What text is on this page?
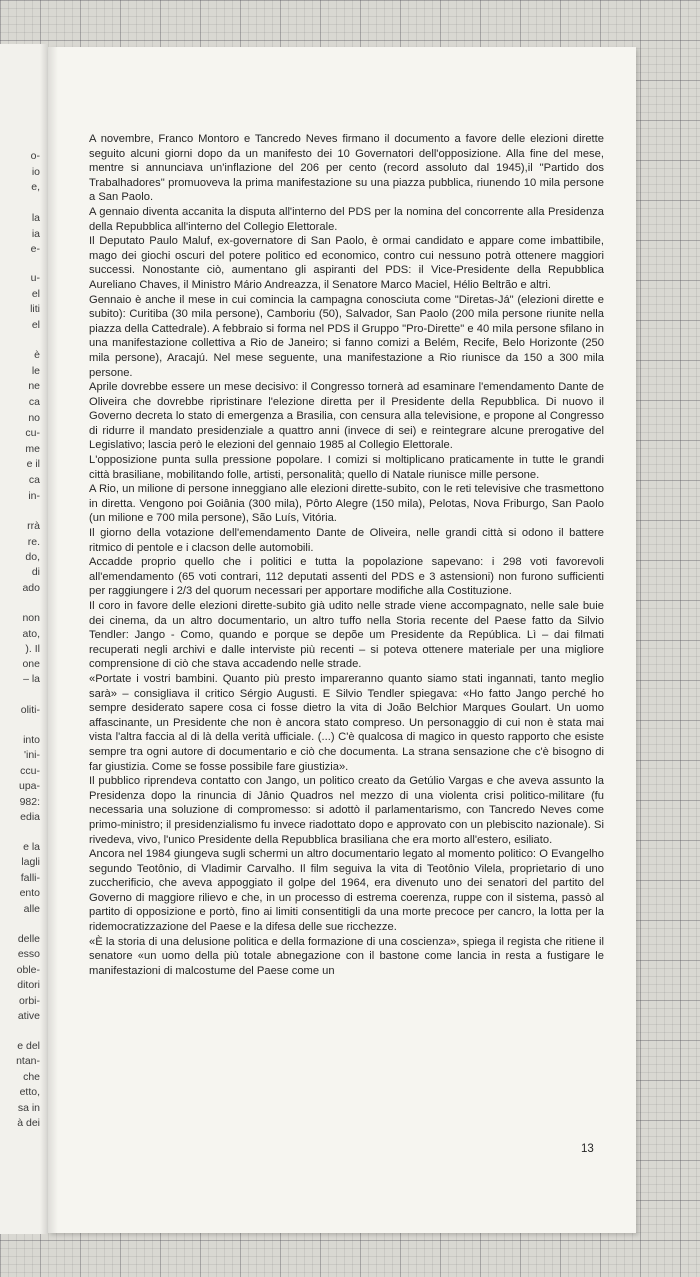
o-
io
e,
la
ia
e-
u-
el
liti
el
è
le
ne
ca
no
cu-
me
e il
ca
in-
rrà
re.
do,
di
ado
non
ato,
). Il
one
– la
oliti-
into
'ini-
ccu-
upa-
982:
edia
e la
lagli
falli-
ento
alle
delle
esso
oble-
ditori
orbi-
ative
e del
ntan-
che
etto,
sa in
à dei

A novembre, Franco Montoro e Tancredo Neves firmano il documento a favore delle elezioni dirette seguito alcuni giorni dopo da un manifesto dei 10 Governatori dell'opposizione. Alla fine del mese, mentre si annunciava un'inflazione del 206 per cento (record assoluto dal 1945),il "Partido dos Trabalhadores" promuoveva la prima manifestazione su una piazza pubblica, riunendo 10 mila persone a San Paolo.

A gennaio diventa accanita la disputa all'interno del PDS per la nomina del concorrente alla Presidenza della Repubblica all'interno del Collegio Elettorale.

Il Deputato Paulo Maluf, ex-governatore di San Paolo, è ormai candidato e appare come imbattibile, mago dei giochi oscuri del potere politico ed economico, contro cui nessuno potrà ottenere maggiori successi. Nonostante ciò, aumentano gli aspiranti del PDS: il Vice-Presidente della Repubblica Aureliano Chaves, il Ministro Mário Andreazza, il Senatore Marco Maciel, Hélio Beltrão e altri.

Gennaio è anche il mese in cui comincia la campagna conosciuta come "Diretas-Já" (elezioni dirette e subito): Curitiba (30 mila persone), Camboriu (50), Salvador, San Paolo (200 mila persone riunite nella piazza della Cattedrale). A febbraio si forma nel PDS il Gruppo "Pro-Dirette" e 40 mila persone sfilano in una manifestazione collettiva a Rio de Janeiro; si fanno comizi a Belém, Recife, Belo Horizonte (250 mila persone), Aracajú. Nel mese seguente, una manifestazione a Rio riunisce da 150 a 300 mila persone.

Aprile dovrebbe essere un mese decisivo: il Congresso tornerà ad esaminare l'emendamento Dante de Oliveira che dovrebbe ripristinare l'elezione diretta per il Presidente della Repubblica. Di nuovo il Governo decreta lo stato di emergenza a Brasilia, con censura alla televisione, e propone al Congresso di ridurre il mandato presidenziale a quattro anni (invece di sei) e reintegrare alcune prerogative del Legislativo; lascia però le elezioni del gennaio 1985 al Collegio Elettorale.

L'opposizione punta sulla pressione popolare. I comizi si moltiplicano praticamente in tutte le grandi città brasiliane, mobilitando folle, artisti, personalità; quello di Natale riunisce mille persone.

A Rio, un milione di persone inneggiano alle elezioni dirette-subito, con le reti televisive che trasmettono in diretta. Vengono poi Goiânia (300 mila), Pôrto Alegre (150 mila), Pelotas, Nova Friburgo, San Paolo (un milione e 700 mila persone), São Luís, Vitória.

Il giorno della votazione dell'emendamento Dante de Oliveira, nelle grandi città si odono il battere ritmico di pentole e i clacson delle automobili.

Accadde proprio quello che i politici e tutta la popolazione sapevano: i 298 voti favorevoli all'emendamento (65 voti contrari, 112 deputati assenti del PDS e 3 astensioni) non furono sufficienti per raggiungere i 2/3 del quorum necessari per apportare modifiche alla Costituzione.

Il coro in favore delle elezioni dirette-subito già udito nelle strade viene accompagnato, nelle sale buie dei cinema, da un altro documentario, un altro tuffo nella Storia recente del Paese fatto da Silvio Tendler: Jango - Como, quando e porque se depõe um Presidente da República. Lì – dai filmati recuperati negli archivi e dalle interviste più recenti – si poteva ottenere materiale per una migliore comprensione di ciò che stava accadendo nelle strade.

«Portate i vostri bambini. Quanto più presto impareranno quanto siamo stati ingannati, tanto meglio sarà» – consigliava il critico Sérgio Augusti. E Silvio Tendler spiegava: «Ho fatto Jango perché ho sempre desiderato sapere cosa ci fosse dietro la vita di João Belchior Marques Goulart. Un uomo affascinante, un Presidente che non è ancora stato compreso. Un personaggio di cui non è stata mai vista l'altra faccia al di là della verità ufficiale. (...) C'è qualcosa di magico in questo rapporto che esiste sempre tra ogni autore di documentario e ciò che documenta. La strana sensazione che c'è bisogno di far giustizia. Come se fosse possibile fare giustizia».

Il pubblico riprendeva contatto con Jango, un politico creato da Getúlio Vargas e che aveva assunto la Presidenza dopo la rinuncia di Jânio Quadros nel mezzo di una violenta crisi politico-militare (fu necessaria una soluzione di compromesso: si adottò il parlamentarismo, con Tancredo Neves come primo-ministro; il presidenzialismo fu invece riadottato dopo e approvato con un plebiscito nazionale). Si rivedeva, vivo, l'unico Presidente della Repubblica brasiliana che era morto all'estero, esiliato.

Ancora nel 1984 giungeva sugli schermi un altro documentario legato al momento politico: O Evangelho segundo Teotônio, di Vladimir Carvalho. Il film seguiva la vita di Teotônio Vilela, proprietario di uno zuccherificio, che aveva appoggiato il golpe del 1964, era divenuto uno dei senatori del partito del Governo di maggiore rilievo e che, in un processo di estrema coerenza, ruppe con il sistema, passò al partito di opposizione e portò, fino ai limiti consentitigli da una morte precoce per cancro, la lotta per la ridemocratizzazione del Paese e la difesa delle sue ricchezze.

«È la storia di una delusione politica e della formazione di una coscienza», spiega il regista che ritiene il senatore «un uomo della più totale abnegazione con il bastone come lancia in resta a fustigare le manifestazioni di malcostume del Paese come un

13
